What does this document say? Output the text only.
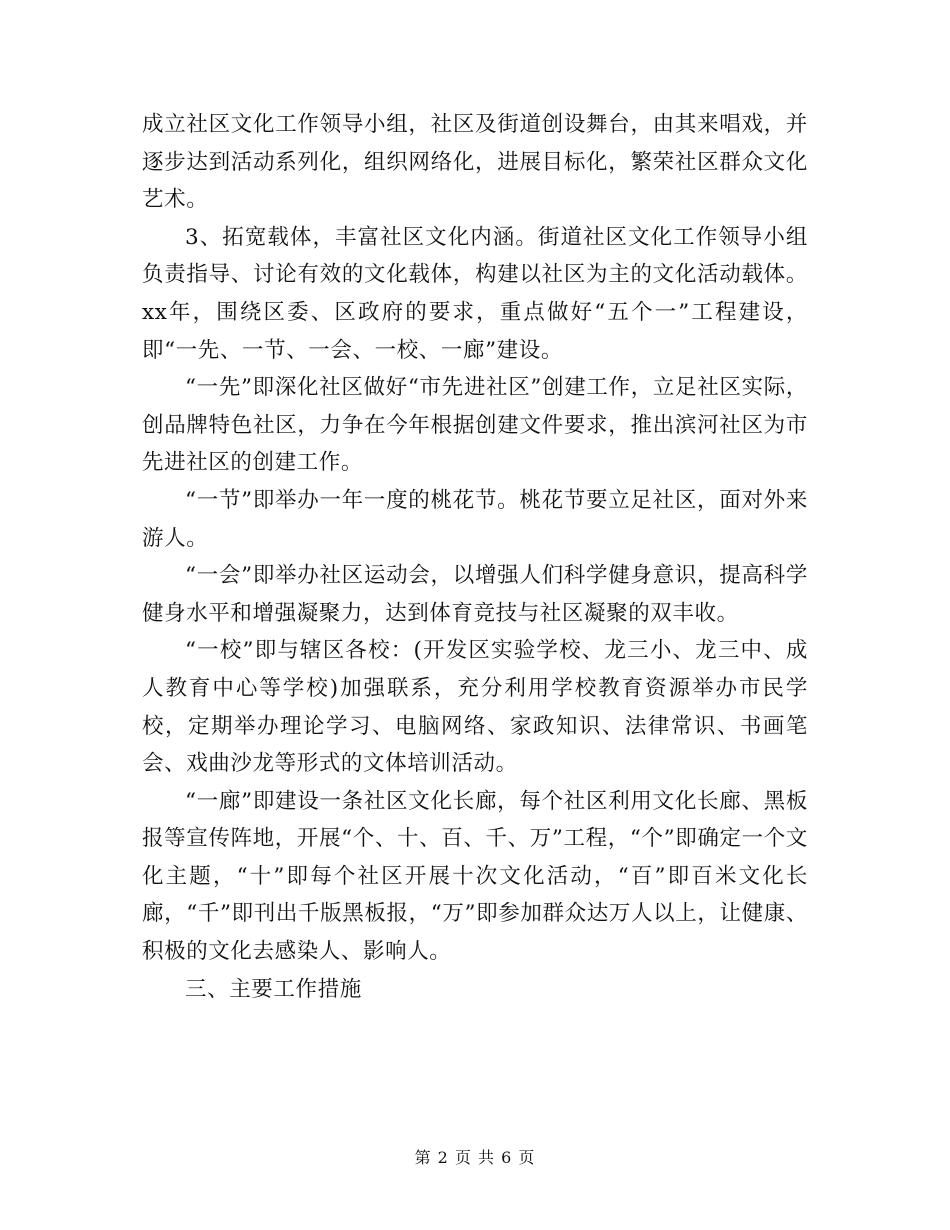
成立社区文化工作领导小组，社区及街道创设舞台，由其来唱戏，并逐步达到活动系列化，组织网络化，进展目标化，繁荣社区群众文化艺术。

3、拓宽载体，丰富社区文化内涵。街道社区文化工作领导小组负责指导、讨论有效的文化载体，构建以社区为主的文化活动载体。xx年，围绕区委、区政府的要求，重点做好“五个一”工程建设，即“一先、一节、一会、一校、一廊”建设。

“一先”即深化社区做好“市先进社区”创建工作，立足社区实际，创品牌特色社区，力争在今年根据创建文件要求，推出滨河社区为市先进社区的创建工作。

“一节”即举办一年一度的桃花节。桃花节要立足社区，面对外来游人。

“一会”即举办社区运动会，以增强人们科学健身意识，提高科学健身水平和增强凝聚力，达到体育竞技与社区凝聚的双丰收。

“一校”即与辖区各校：(开发区实验学校、龙三小、龙三中、成人教育中心等学校)加强联系，充分利用学校教育资源举办市民学校，定期举办理论学习、电脑网络、家政知识、法律常识、书画笔会、戏曲沙龙等形式的文体培训活动。

“一廊”即建设一条社区文化长廊，每个社区利用文化长廊、黑板报等宣传阵地，开展“个、十、百、千、万”工程，“个”即确定一个文化主题，“十”即每个社区开展十次文化活动，“百”即百米文化长廊，“千”即刊出千版黑板报，“万”即参加群众达万人以上，让健康、积极的文化去感染人、影响人。

三、主要工作措施

第 2 页 共 6 页
